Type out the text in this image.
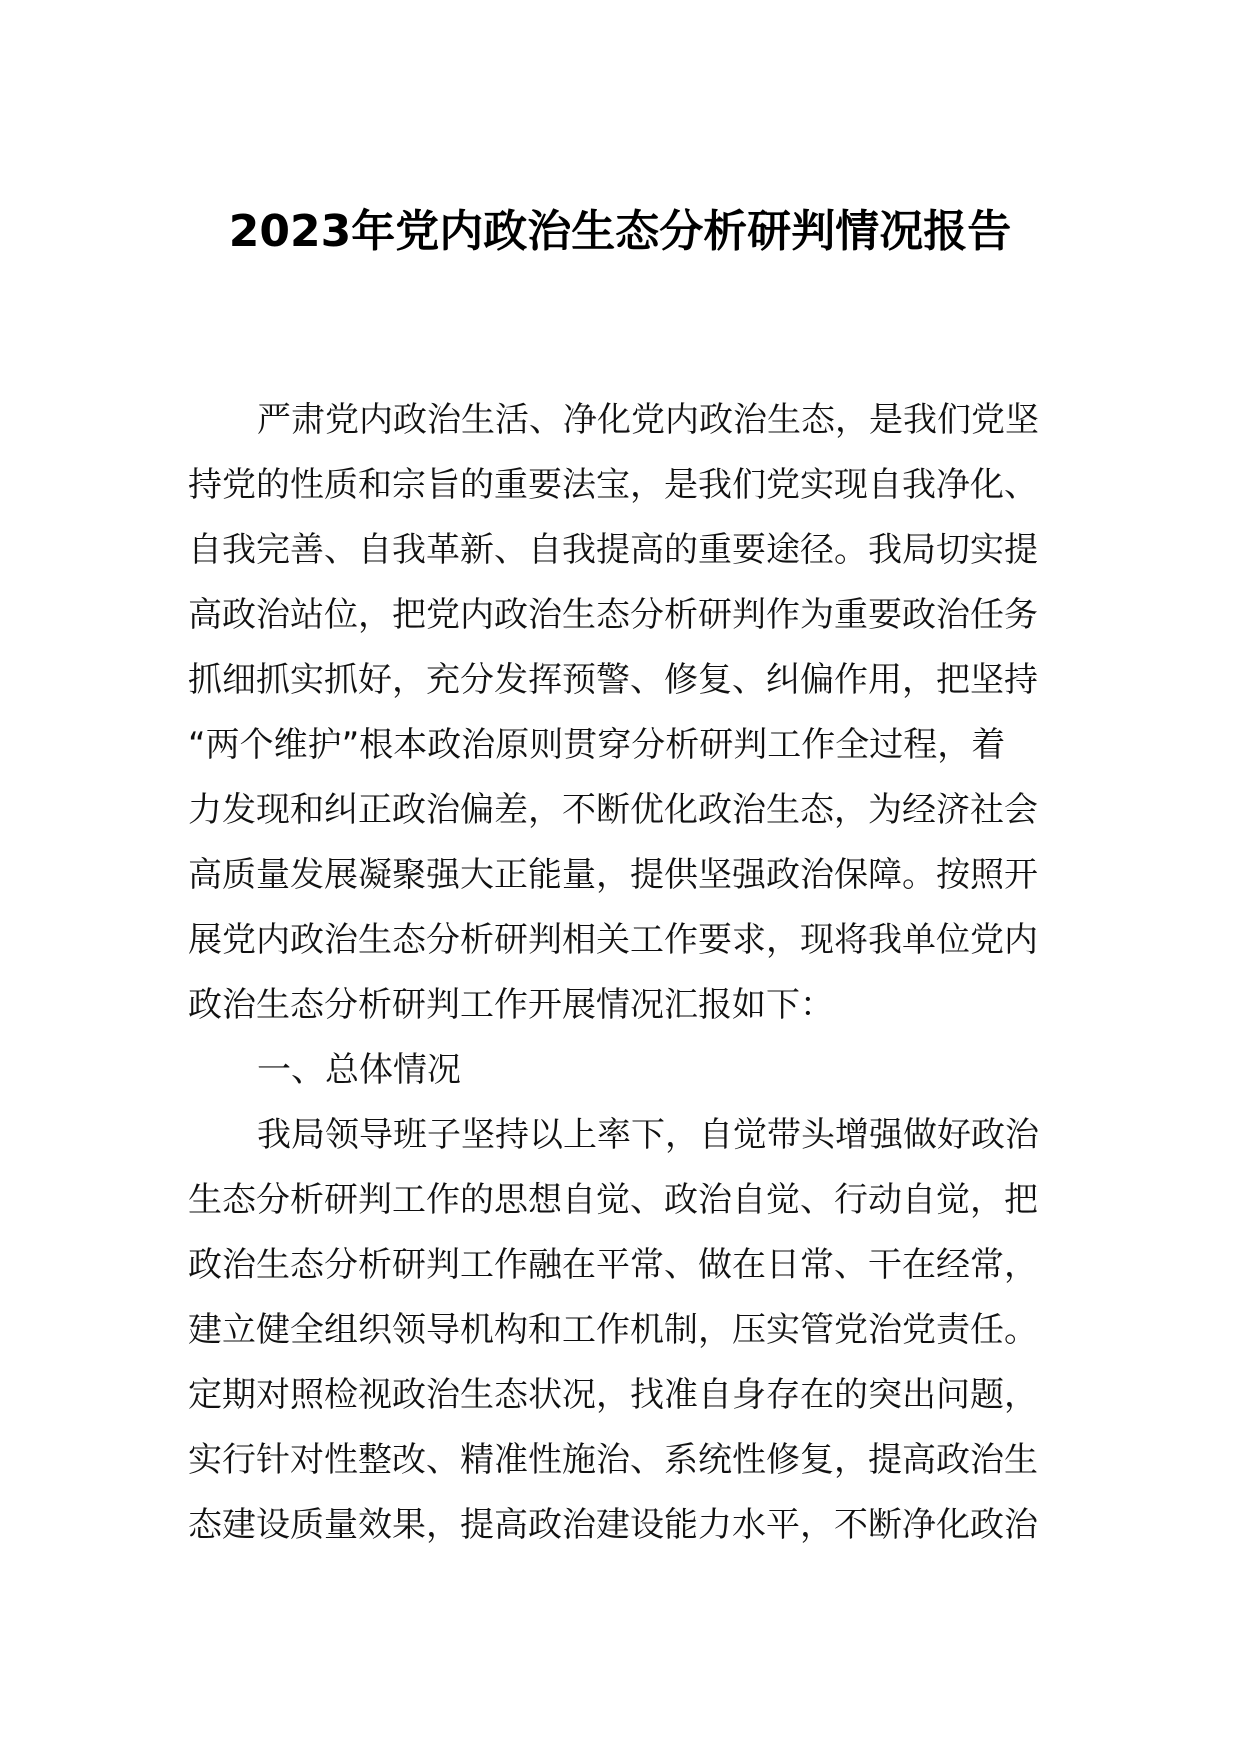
2023年党内政治生态分析研判情况报告
严肃党内政治生活、净化党内政治生态，是我们党坚
持党的性质和宗旨的重要法宝，是我们党实现自我净化、
自我完善、自我革新、自我提高的重要途径。我局切实提
高政治站位，把党内政治生态分析研判作为重要政治任务
抓细抓实抓好，充分发挥预警、修复、纠偏作用，把坚持
“两个维护”根本政治原则贯穿分析研判工作全过程，着
力发现和纠正政治偏差，不断优化政治生态，为经济社会
高质量发展凝聚强大正能量，提供坚强政治保障。按照开
展党内政治生态分析研判相关工作要求，现将我单位党内
政治生态分析研判工作开展情况汇报如下：
一、总体情况
我局领导班子坚持以上率下，自觉带头增强做好政治
生态分析研判工作的思想自觉、政治自觉、行动自觉，把
政治生态分析研判工作融在平常、做在日常、干在经常，
建立健全组织领导机构和工作机制，压实管党治党责任。
定期对照检视政治生态状况，找准自身存在的突出问题，
实行针对性整改、精准性施治、系统性修复，提高政治生
态建设质量效果，提高政治建设能力水平，不断净化政治
